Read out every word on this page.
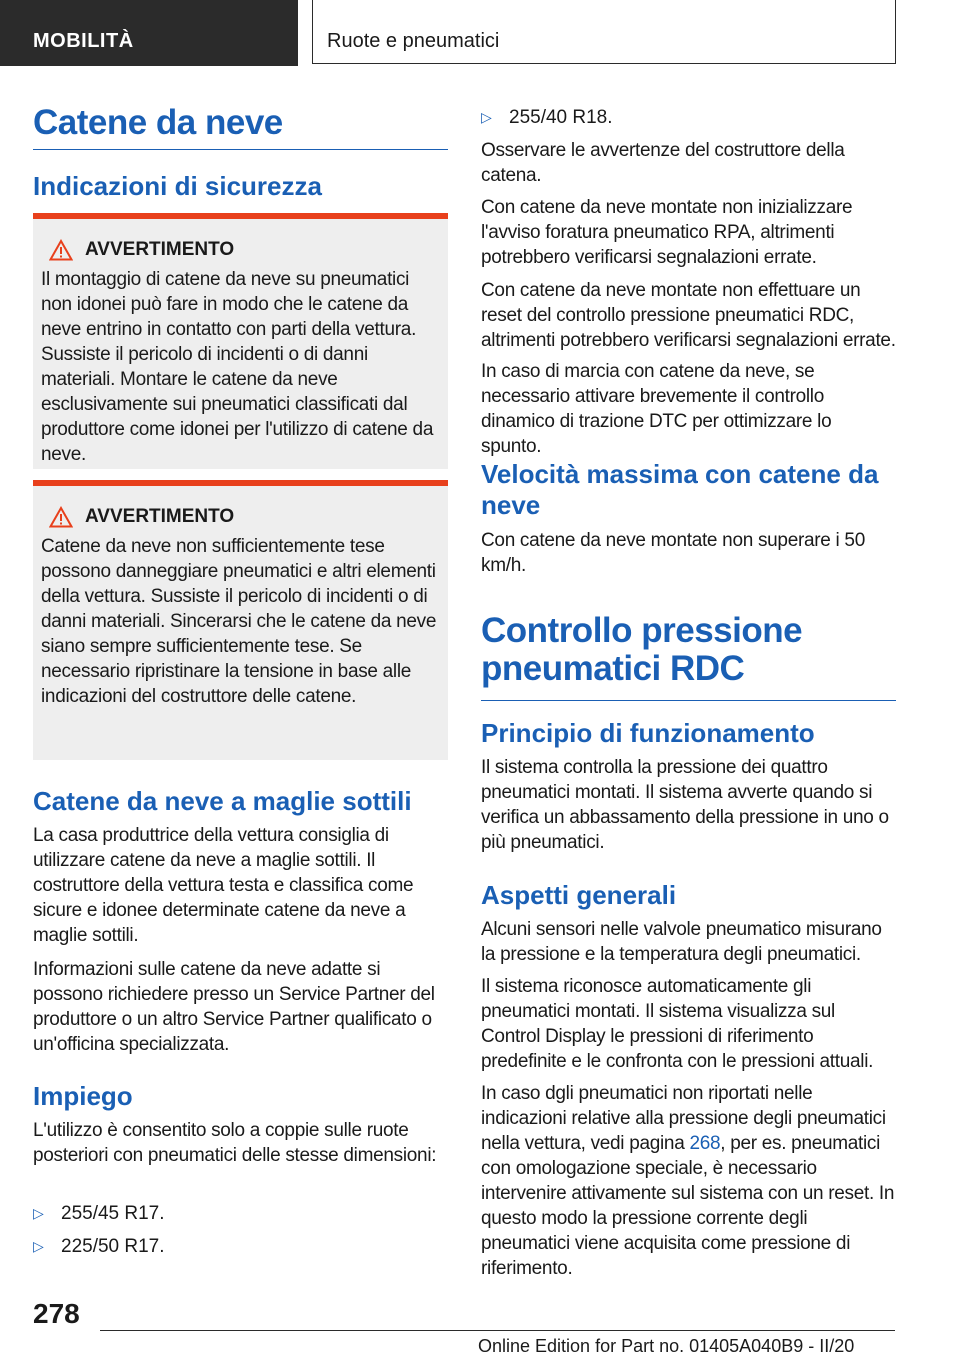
MOBILITÀ	Ruote e pneumatici
Catene da neve
Indicazioni di sicurezza
AVVERTIMENTO

Il montaggio di catene da neve su pneumatici non idonei può fare in modo che le catene da neve entrino in contatto con parti della vettura. Sussiste il pericolo di incidenti o di danni materiali. Montare le catene da neve esclusivamente sui pneumatici classificati dal produttore come idonei per l'utilizzo di catene da neve.

AVVERTIMENTO

Catene da neve non sufficientemente tese possono danneggiare pneumatici e altri elementi della vettura. Sussiste il pericolo di incidenti o di danni materiali. Sincerarsi che le catene da neve siano sempre sufficientemente tese. Se necessario ripristinare la tensione in base alle indicazioni del costruttore delle catene.

Catene da neve a maglie sottili

La casa produttrice della vettura consiglia di utilizzare catene da neve a maglie sottili. Il costruttore della vettura testa e classifica come sicure e idonee determinate catene da neve a maglie sottili.

Informazioni sulle catene da neve adatte si possono richiedere presso un Service Partner del produttore o un altro Service Partner qualificato o un'officina specializzata.

Impiego

L'utilizzo è consentito solo a coppie sulle ruote posteriori con pneumatici delle stesse dimensioni:

▷ 255/45 R17.
▷ 225/50 R17.
▷ 255/40 R18.

Osservare le avvertenze del costruttore della catena.

Con catene da neve montate non inizializzare l'avviso foratura pneumatico RPA, altrimenti potrebbero verificarsi segnalazioni errate.

Con catene da neve montate non effettuare un reset del controllo pressione pneumatici RDC, altrimenti potrebbero verificarsi segnalazioni errate.

In caso di marcia con catene da neve, se necessario attivare brevemente il controllo dinamico di trazione DTC per ottimizzare lo spunto.

Velocità massima con catene da neve

Con catene da neve montate non superare i 50 km/h.

Controllo pressione pneumatici RDC
Principio di funzionamento

Il sistema controlla la pressione dei quattro pneumatici montati. Il sistema avverte quando si verifica un abbassamento della pressione in uno o più pneumatici.

Aspetti generali

Alcuni sensori nelle valvole pneumatico misurano la pressione e la temperatura degli pneumatici.

Il sistema riconosce automaticamente gli pneumatici montati. Il sistema visualizza sul Control Display le pressioni di riferimento predefinite e le confronta con le pressioni attuali.

In caso dgli pneumatici non riportati nelle indicazioni relative alla pressione degli pneumatici nella vettura, vedi pagina 268, per es. pneumatici con omologazione speciale, è necessario intervenire attivamente sul sistema con un reset. In questo modo la pressione corrente degli pneumatici viene acquisita come pressione di riferimento.

278
Online Edition for Part no. 01405A040B9 - II/20
